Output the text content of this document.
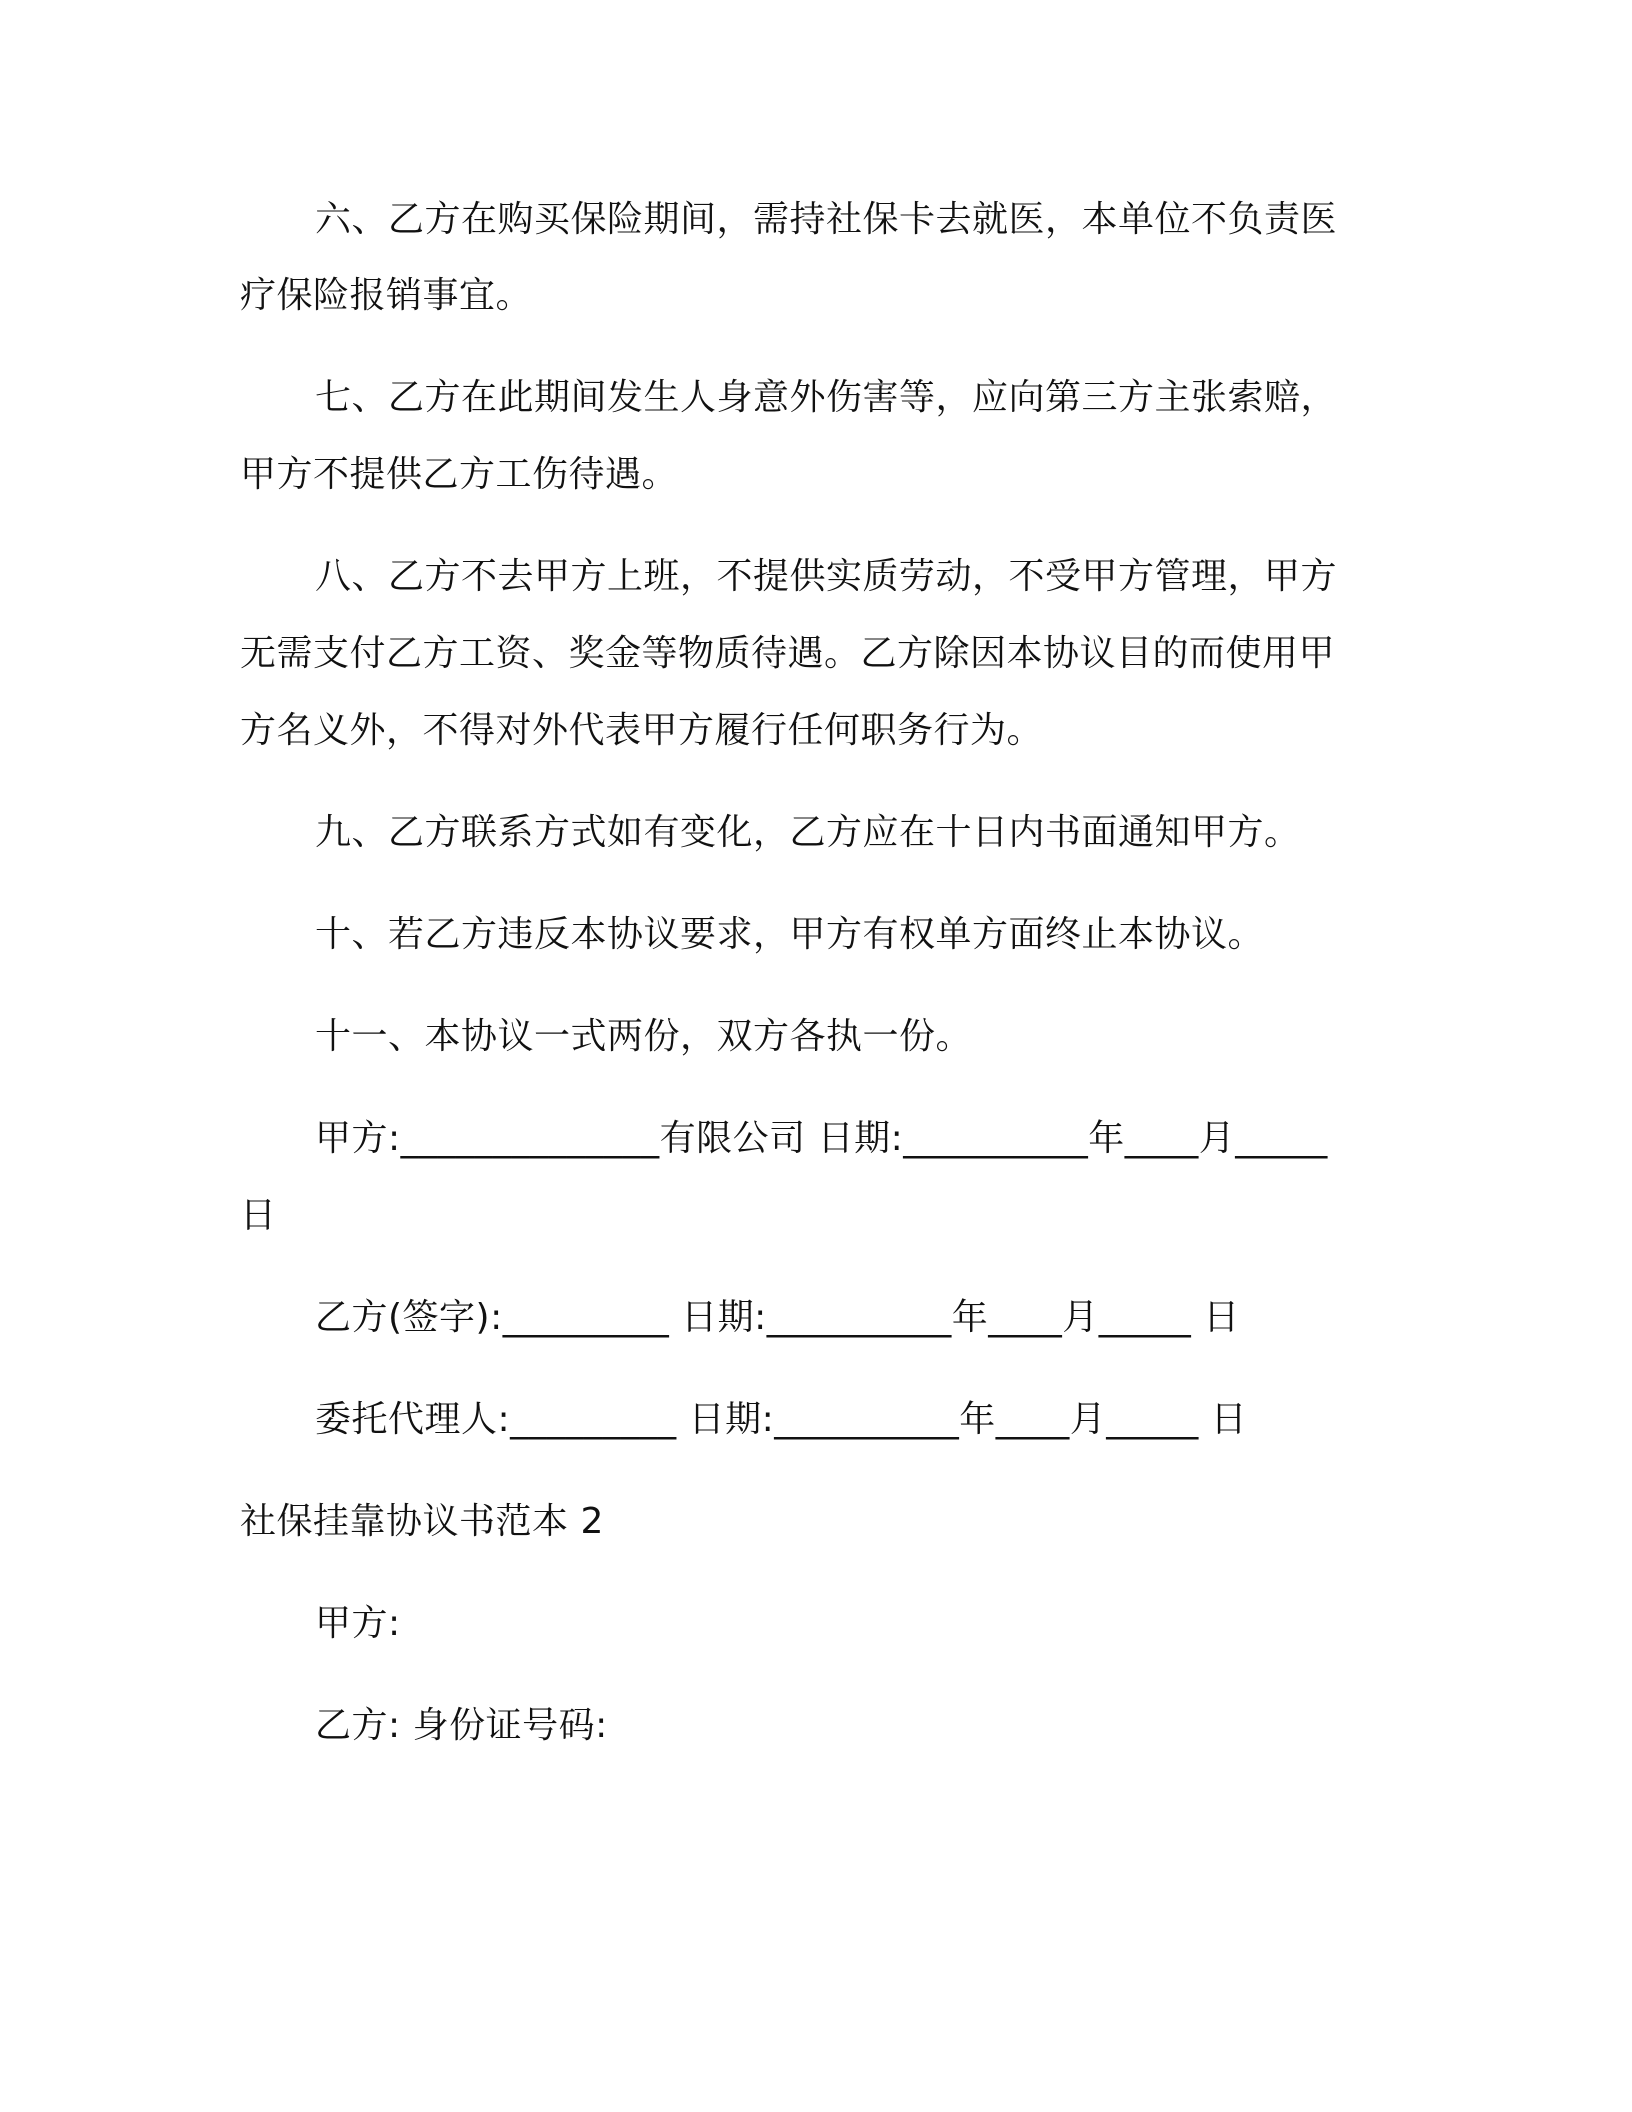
六、乙方在购买保险期间，需持社保卡去就医，本单位不负责医
疗保险报销事宜。
七、乙方在此期间发生人身意外伤害等，应向第三方主张索赔，
甲方不提供乙方工伤待遇。
八、乙方不去甲方上班，不提供实质劳动，不受甲方管理，甲方
无需支付乙方工资、奖金等物质待遇。乙方除因本协议目的而使用甲
方名义外，不得对外代表甲方履行任何职务行为。
九、乙方联系方式如有变化，乙方应在十日内书面通知甲方。
十、若乙方违反本协议要求，甲方有权单方面终止本协议。
十一、本协议一式两份，双方各执一份。
甲方:______________有限公司 日期:__________年____月_____
日
乙方(签字):_________ 日期:__________年____月_____ 日
委托代理人:_________ 日期:__________年____月_____ 日
社保挂靠协议书范本 2
甲方:
乙方: 身份证号码:
